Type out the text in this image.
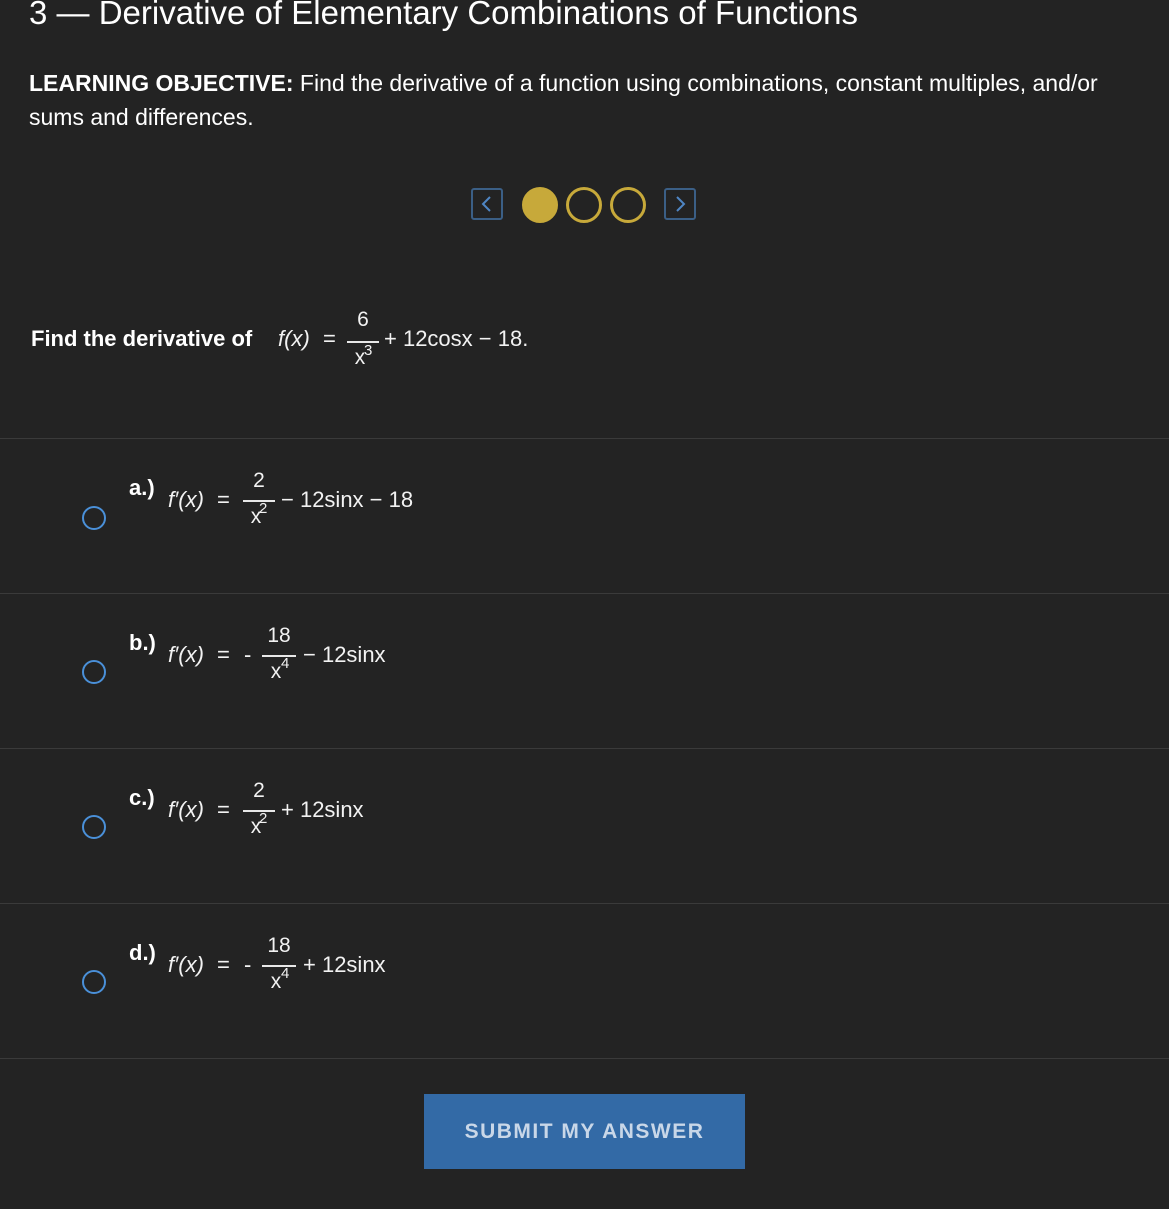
3 — Derivative of Elementary Combinations of Functions
LEARNING OBJECTIVE: Find the derivative of a function using combinations, constant multiples, and/or sums and differences.
Find the derivative of f(x) =
6
x
3 + 12cosx − 18.
a.) f′(x) =
2
x
2 − 12sinx − 18
b.) f′(x) = -
18
x 4 − 12sinx
c.) f′(x) =
2
x
2 + 12sinx
d.) f′(x) = -
18
x 4 + 12sinx
SUBMIT MY ANSWER
